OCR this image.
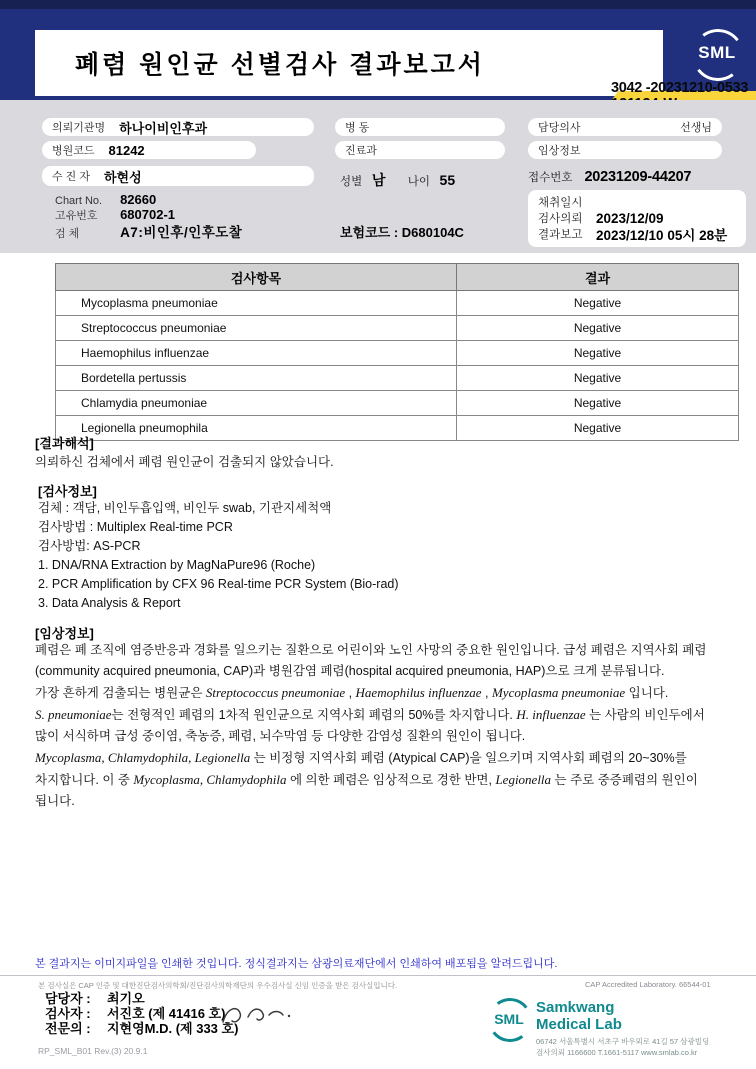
폐렴 원인균 선별검사 결과보고서	SML
3042 -20231210-0533
의뢰기관명 하나이비인후과	병 동	담당의사	선생님
병원코드 81242	진료과	임상정보
수 진 자 하현성	성별 남 나이 55	접수번호 20231209-44207
Chart No. 82660
고유번호 680702-1
검 체	A7:비인후/인후도찰	보험코드 : D680104C
채취일시
검사의뢰	2023/12/09
결과보고	2023/12/10 05시 28분
검사항목	결과
Mycoplasma pneumoniae	Negative
Streptococcus pneumoniae	Negative
Haemophilus influenzae	Negative
Bordetella pertussis	Negative
Chlamydia pneumoniae	Negative
Legionella pneumophila	Negative
[결과해석]
의뢰하신 검체에서 폐렴 원인균이 검출되지 않았습니다.
[검사정보]
검체 : 객담, 비인두흡입액, 비인두 swab, 기관지세척액
검사방법 : Multiplex Real-time PCR
검사방법: AS-PCR
1. DNA/RNA Extraction by MagNaPure96 (Roche)
2. PCR Amplification by CFX 96 Real-time PCR System (Bio-rad)
3. Data Analysis & Report
[임상정보]
폐렴은 폐 조직에 염증반응과 경화를 일으키는 질환으로 어린이와 노인 사망의 중요한 원인입니다. 급성 폐렴은 지역사회 폐렴
(community acquired pneumonia, CAP)과 병원감염 폐렴(hospital acquired pneumonia, HAP)으로 크게 분류됩니다.
가장 흔하게 검출되는 병원균은 Streptococcus pneumoniae , Haemophilus influenzae , Mycoplasma pneumoniae 입니다.
S. pneumoniae는 전형적인 폐렴의 1차적 원인균으로 지역사회 폐렴의 50%를 차지합니다. H. influenzae 는 사람의 비인두에서
많이 서식하며 급성 중이염, 축농증, 폐렴, 뇌수막염 등 다양한 감염성 질환의 원인이 됩니다.
Mycoplasma, Chlamydophila, Legionella 는 비정형 지역사회 폐렴 (Atypical CAP)을 일으키며 지역사회 폐렴의 20~30%를
차지합니다. 이 중 Mycoplasma, Chlamydophila 에 의한 폐렴은 임상적으로 경한 반면, Legionella 는 주로 중증폐렴의 원인이
됩니다.
본 결과지는 이미지파일을 인쇄한 것입니다. 정식결과지는 삼광의료재단에서 인쇄하여 배포됨을 알려드립니다.
본 검사실은 CAP 인증 및 대한진단검사의학회/진단검사의학재단의 우수검사실 신임 인증을 받은 검사실입니다.	CAP Accredited Laboratory. 66544-01
담당자 :	최기오
검사자 :	서진호 (제 41416 호)
전문의 :	지현영M.D. (제 333 호)
SML
Samkwang
Medical Lab
06742 서울특별시 서초구 바우뫼로 41길 57 삼광빌딩
검사의뢰 1166600 T.1661-5117 www.smlab.co.kr
RP_SML_B01 Rev.(3) 20.9.1
